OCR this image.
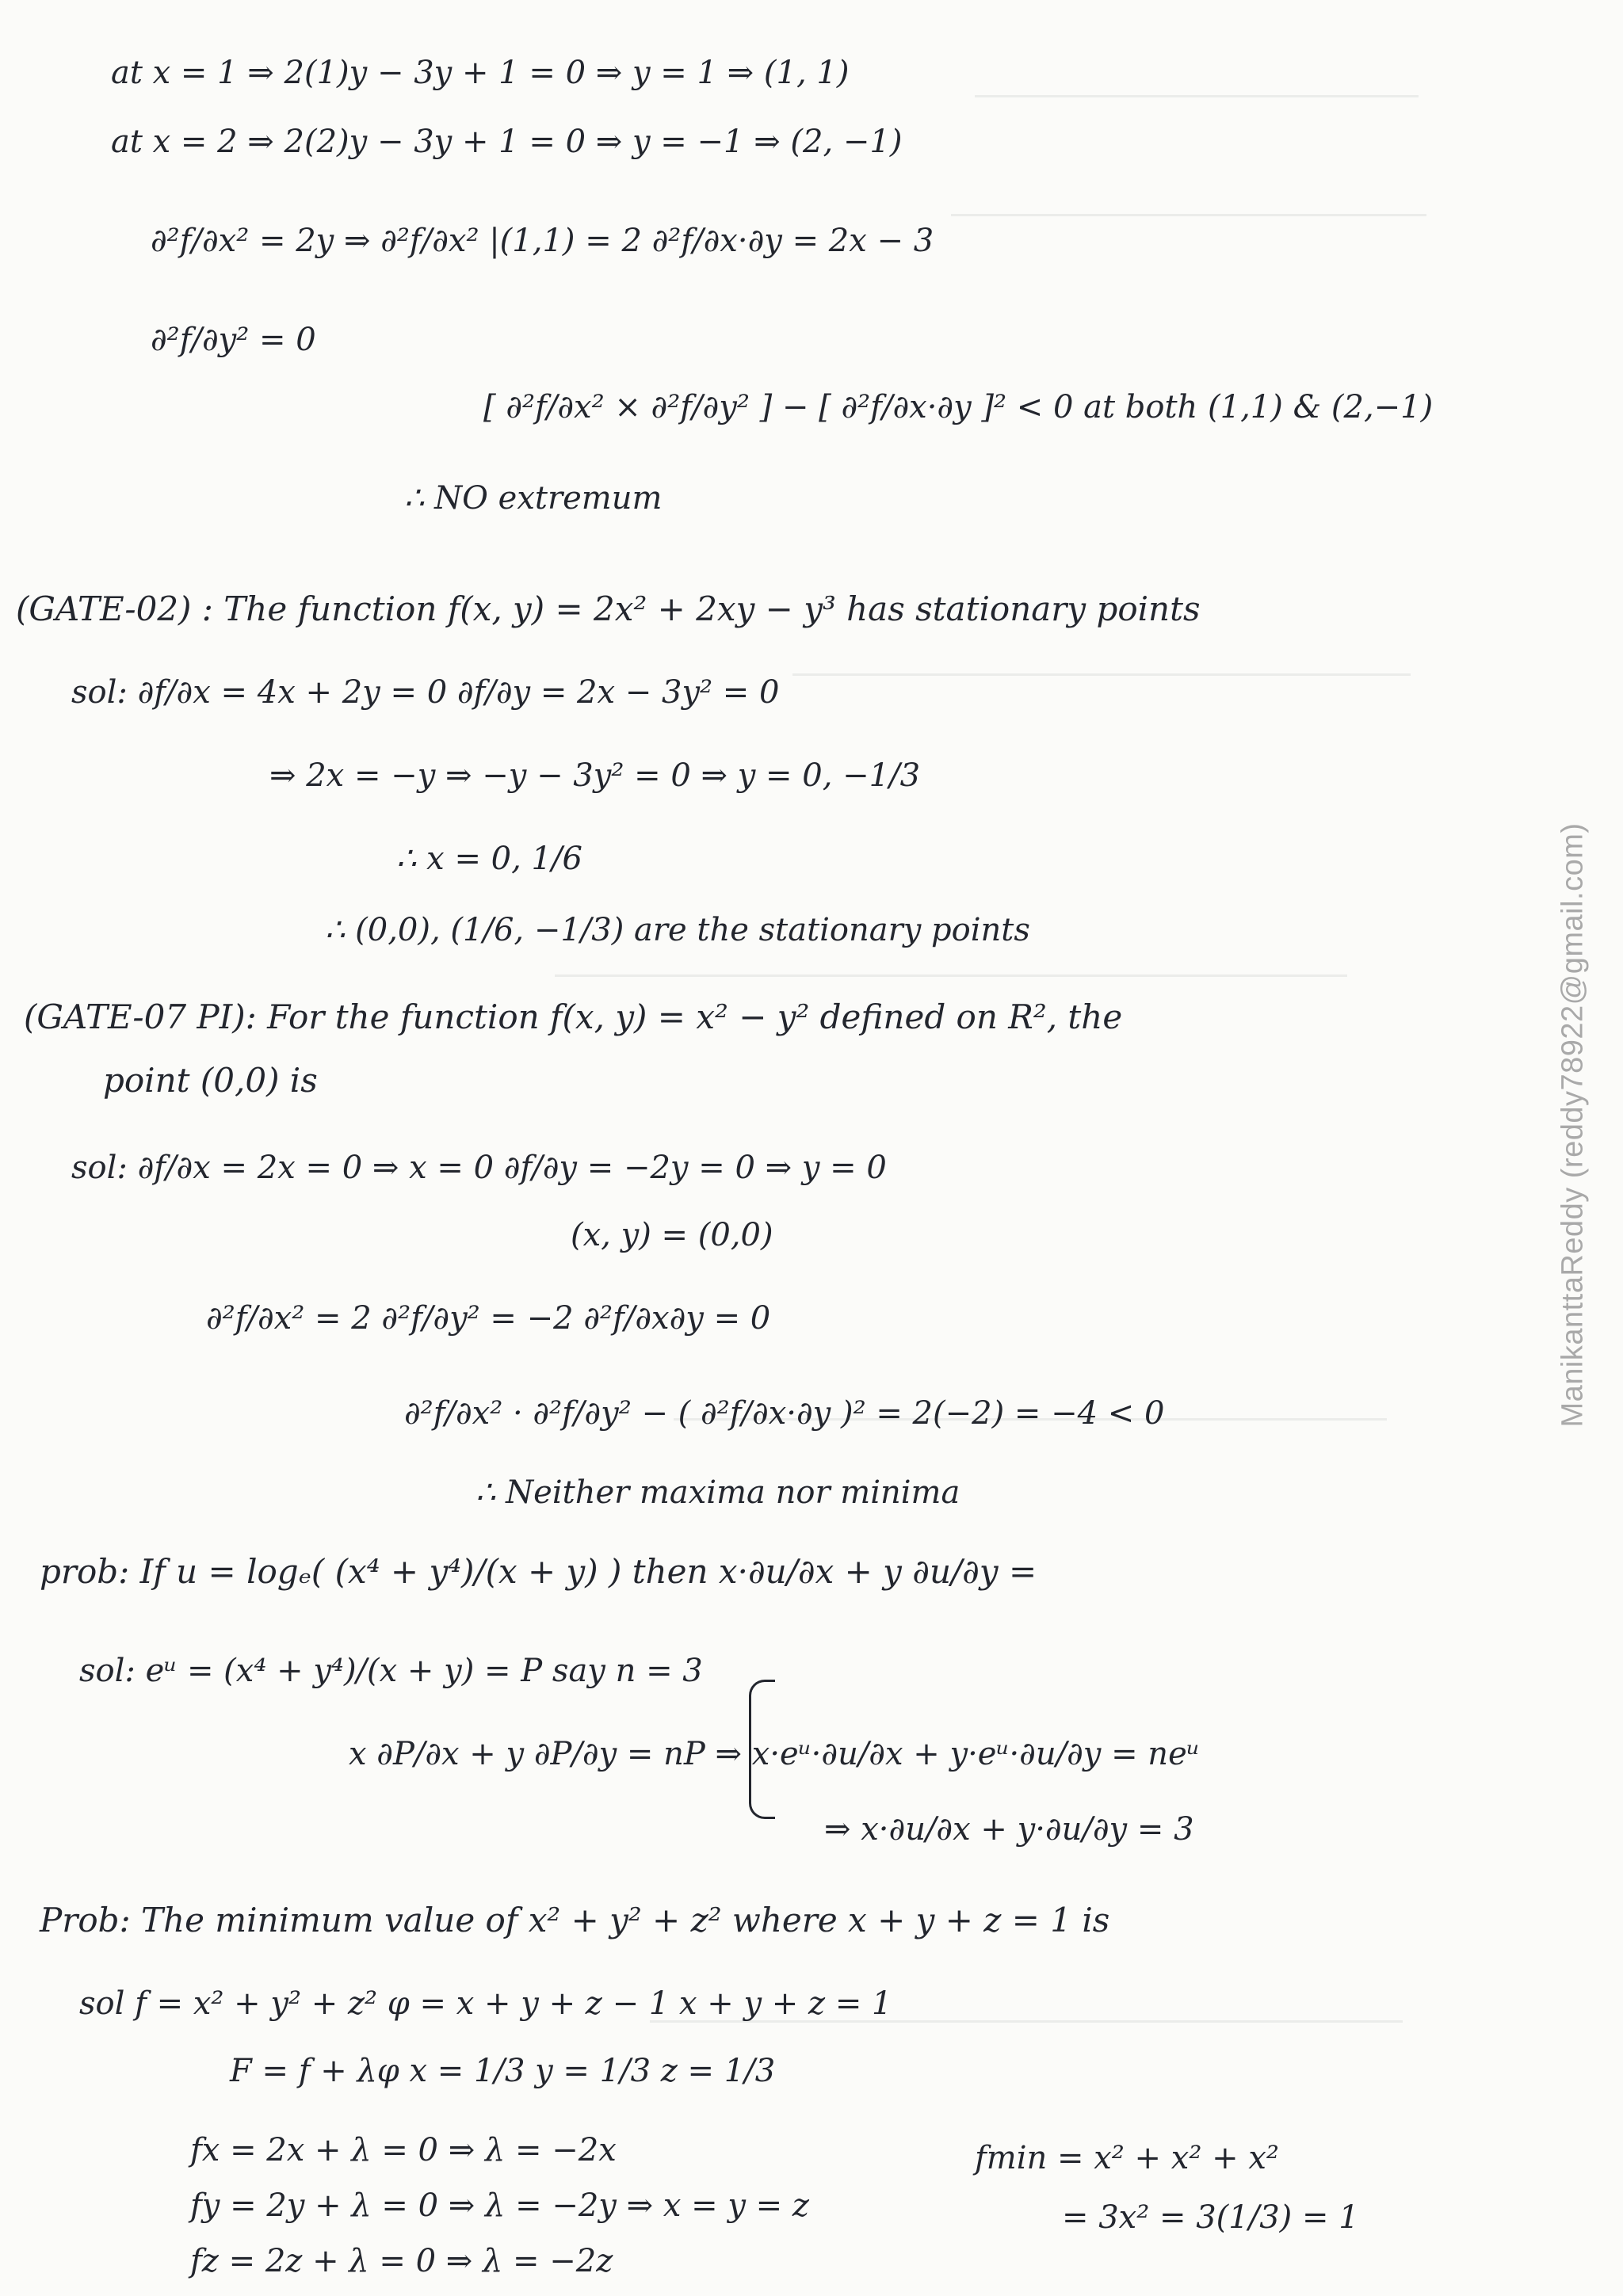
at x = 1 ⇒ 2(1)y − 3y + 1 = 0 ⇒ y = 1 ⇒ (1, 1)
at x = 2 ⇒ 2(2)y − 3y + 1 = 0 ⇒ y = −1 ⇒ (2, −1)
∂²f/∂x² = 2y ⇒ ∂²f/∂x² |(1,1) = 2 ∂²f/∂x·∂y = 2x − 3
∂²f/∂y² = 0
[ ∂²f/∂x² × ∂²f/∂y² ] − [ ∂²f/∂x·∂y ]² < 0 at both (1,1) & (2,−1)
∴ NO extremum
(GATE-02) : The function f(x, y) = 2x² + 2xy − y³ has stationary points
sol: ∂f/∂x = 4x + 2y = 0 ∂f/∂y = 2x − 3y² = 0
⇒ 2x = −y ⇒ −y − 3y² = 0 ⇒ y = 0, −1/3
∴ x = 0, 1/6
∴ (0,0), (1/6, −1/3) are the stationary points
(GATE-07 PI): For the function f(x, y) = x² − y² defined on R², the
point (0,0) is
sol: ∂f/∂x = 2x = 0 ⇒ x = 0 ∂f/∂y = −2y = 0 ⇒ y = 0
(x, y) = (0,0)
∂²f/∂x² = 2 ∂²f/∂y² = −2 ∂²f/∂x∂y = 0
∂²f/∂x² · ∂²f/∂y² − ( ∂²f/∂x·∂y )² = 2(−2) = −4 < 0
∴ Neither maxima nor minima
prob: If u = logₑ( (x⁴ + y⁴)/(x + y) ) then x·∂u/∂x + y ∂u/∂y =
sol: eᵘ = (x⁴ + y⁴)/(x + y) = P say n = 3
x ∂P/∂x + y ∂P/∂y = nP ⇒ x·eᵘ·∂u/∂x + y·eᵘ·∂u/∂y = neᵘ
⇒ x·∂u/∂x + y·∂u/∂y = 3
Prob: The minimum value of x² + y² + z² where x + y + z = 1 is
sol f = x² + y² + z² φ = x + y + z − 1 x + y + z = 1
F = f + λφ x = 1/3 y = 1/3 z = 1/3
fx = 2x + λ = 0 ⇒ λ = −2x
fy = 2y + λ = 0 ⇒ λ = −2y ⇒ x = y = z
fz = 2z + λ = 0 ⇒ λ = −2z
fmin = x² + x² + x²
= 3x² = 3(1/3) = 1
ManikanttaReddy (reddy78922@gmail.com)
